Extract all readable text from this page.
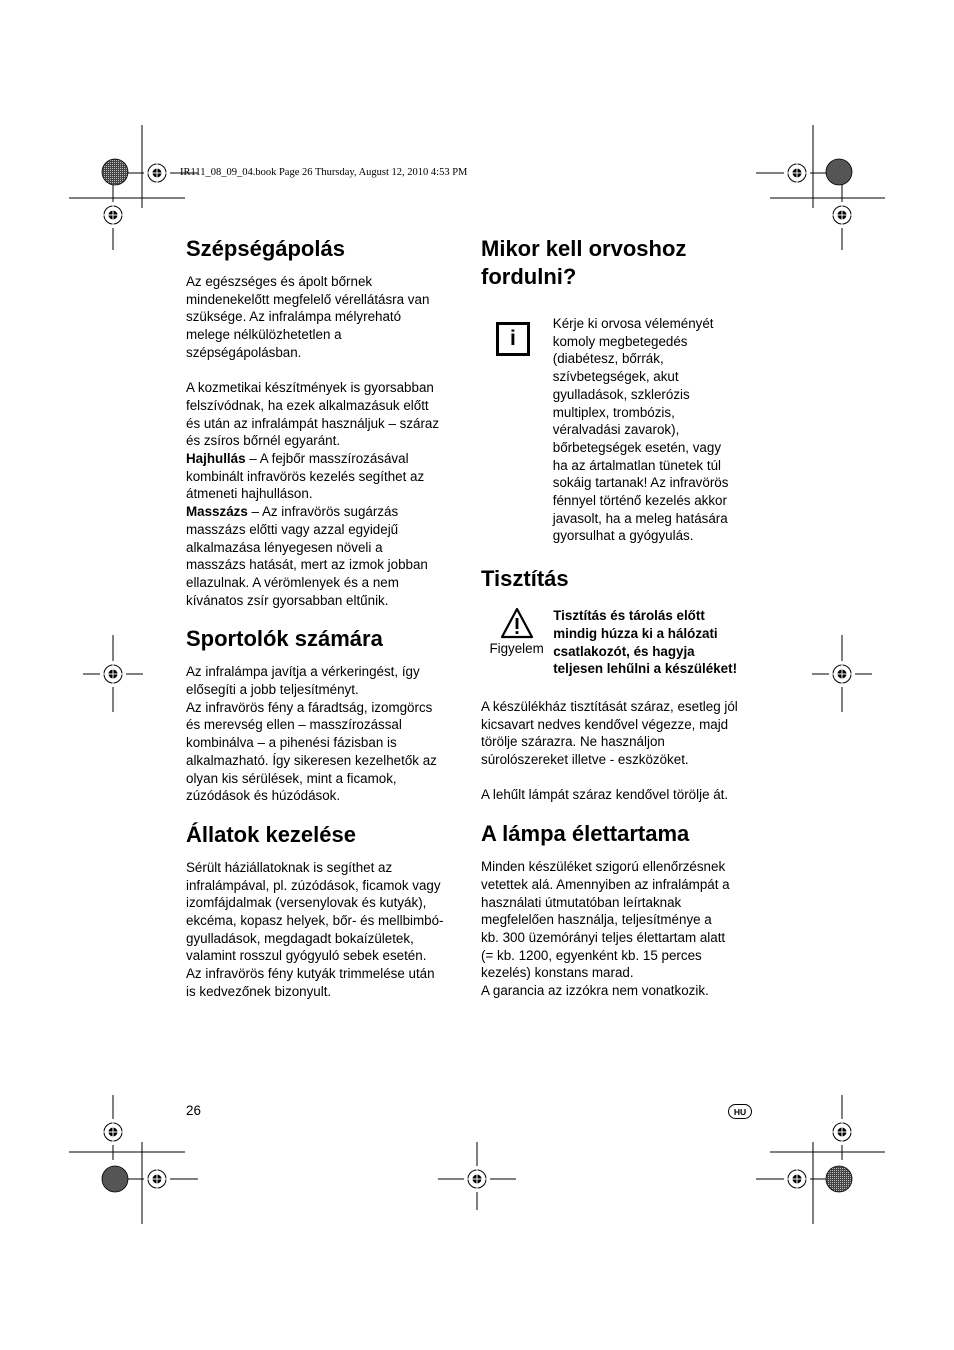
IR111_08_09_04.book Page 26 Thursday, August 12, 2010 4:53 PM
Szépségápolás

Az egészséges és ápolt bőrnek

mindenekelőtt megfelelő vérellátásra van

szüksége. Az infralámpa mélyreható

melege nélkülözhetetlen a

szépségápolásban.

A kozmetikai készítmények is gyorsabban

felszívódnak, ha ezek alkalmazásuk előtt

és után az infralámpát használjuk – száraz

és zsíros bőrnél egyaránt.

Hajhullás – A fejbőr masszírozásával

kombinált infravörös kezelés segíthet az

átmeneti hajhulláson.

Masszázs – Az infravörös sugárzás

masszázs előtti vagy azzal egyidejű

alkalmazása lényegesen növeli a

masszázs hatását, mert az izmok jobban

ellazulnak. A vérömlenyek és a nem

kívánatos zsír gyorsabban eltűnik.

Sportolók számára

Az infralámpa javítja a vérkeringést, így

elősegíti a jobb teljesítményt.

Az infravörös fény a fáradtság, izomgörcs

és merevség ellen – masszírozással

kombinálva – a pihenési fázisban is

alkalmazható. Így sikeresen kezelhetők az

olyan kis sérülések, mint a ficamok,

zúzódások és húzódások.

Állatok kezelése

Sérült háziállatoknak is segíthet az

infralámpával, pl. zúzódások, ficamok vagy

izomfájdalmak (versenylovak és kutyák),

ekcéma, kopasz helyek, bőr- és mellbimbó-

gyulladások, megdagadt bokaízületek,

valamint rosszul gyógyuló sebek esetén.

Az infravörös fény kutyák trimmelése után

is kedvezőnek bizonyult.

Mikor kell orvoshoz
fordulni?
i

Kérje ki orvosa véleményét

komoly megbetegedés

(diabétesz, bőrrák,

szívbetegségek, akut

gyulladások, szklerózis

multiplex, trombózis,

véralvadási zavarok),

bőrbetegségek esetén, vagy

ha az ártalmatlan tünetek túl

sokáig tartanak! Az infravörös

fénnyel történő kezelés akkor

javasolt, ha a meleg hatására

gyorsulhat a gyógyulás.

Tisztítás
Figyelem

Tisztítás és tárolás előtt

mindig húzza ki a hálózati

csatlakozót, és hagyja

teljesen lehűlni a készüléket!

A készülékház tisztítását száraz, esetleg jól

kicsavart nedves kendővel végezze, majd

törölje szárazra. Ne használjon

súrolószereket illetve - eszközöket.

A lehűlt lámpát száraz kendővel törölje át.

A lámpa élettartama

Minden készüléket szigorú ellenőrzésnek

vetettek alá. Amennyiben az infralámpát a

használati útmutatóban leírtaknak

megfelelően használja, teljesítménye a

kb. 300 üzemórányi teljes élettartam alatt

(= kb. 1200, egyenként kb. 15 perces

kezelés) konstans marad.

A garancia az izzókra nem vonatkozik.

26	HU
